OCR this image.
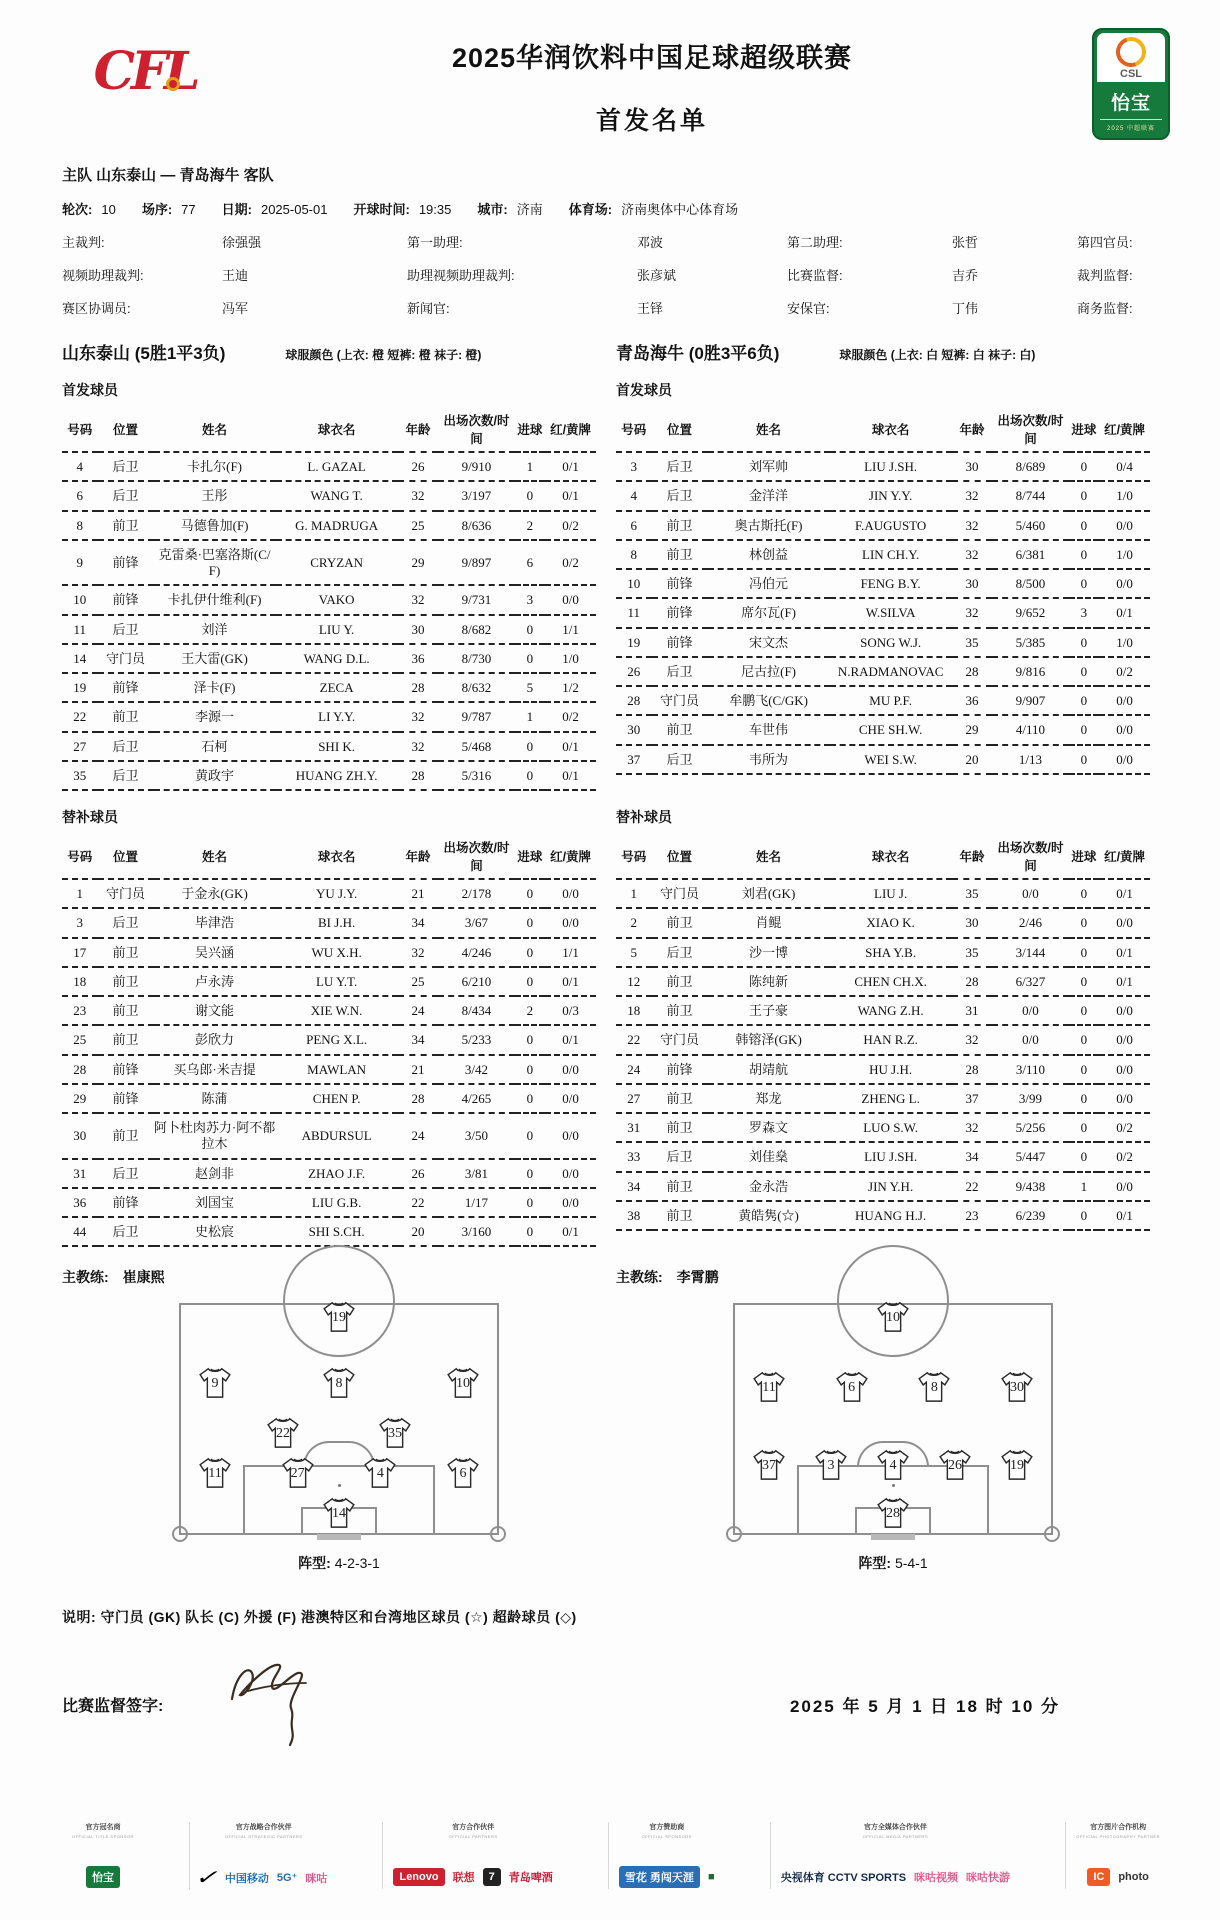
CFL	2025华润饮料中国足球超级联赛
首发名单
CSL
怡宝
2025 中超联赛
主队 山东泰山 — 青岛海牛 客队
轮次: 10 场序: 77 日期: 2025-05-01 开球时间: 19:35 城市: 济南 体育场: 济南奥体中心体育场
主裁判:	徐强强	第一助理:	邓波	第二助理:	张哲	第四官员:
视频助理裁判:	王迪	助理视频助理裁判:	张彦斌	比赛监督:	吉乔	裁判监督:
赛区协调员:	冯军	新闻官:	王铎	安保官:	丁伟	商务监督:
山东泰山 (5胜1平3负)	球服颜色 (上衣: 橙 短裤: 橙 袜子: 橙)	青岛海牛 (0胜3平6负)	球服颜色 (上衣: 白 短裤: 白 袜子: 白)
首发球员	首发球员
号码	位置	姓名	球衣名	年龄	出场次数/时间	进球	红/黄牌
4	后卫	卡扎尔(F)	L. GAZAL	26	9/910	1	0/1
6	后卫	王彤	WANG T.	32	3/197	0	0/1
8	前卫	马德鲁加(F)	G. MADRUGA	25	8/636	2	0/2
9	前锋	克雷桑·巴塞洛斯(C/F)	CRYZAN	29	9/897	6	0/2
10	前锋	卡扎伊什维利(F)	VAKO	32	9/731	3	0/0
11	后卫	刘洋	LIU Y.	30	8/682	0	1/1
14	守门员	王大雷(GK)	WANG D.L.	36	8/730	0	1/0
19	前锋	泽卡(F)	ZECA	28	8/632	5	1/2
22	前卫	李源一	LI Y.Y.	32	9/787	1	0/2
27	后卫	石柯	SHI K.	32	5/468	0	0/1
35	后卫	黄政宇	HUANG ZH.Y.	28	5/316	0	0/1
号码	位置	姓名	球衣名	年龄	出场次数/时间	进球	红/黄牌
3	后卫	刘军帅	LIU J.SH.	30	8/689	0	0/4
4	后卫	金洋洋	JIN Y.Y.	32	8/744	0	1/0
6	前卫	奥古斯托(F)	F.AUGUSTO	32	5/460	0	0/0
8	前卫	林创益	LIN CH.Y.	32	6/381	0	1/0
10	前锋	冯伯元	FENG B.Y.	30	8/500	0	0/0
11	前锋	席尔瓦(F)	W.SILVA	32	9/652	3	0/1
19	前锋	宋文杰	SONG W.J.	35	5/385	0	1/0
26	后卫	尼古拉(F)	N.RADMANOVAC	28	9/816	0	0/2
28	守门员	牟鹏飞(C/GK)	MU P.F.	36	9/907	0	0/0
30	前卫	车世伟	CHE SH.W.	29	4/110	0	0/0
37	后卫	韦所为	WEI S.W.	20	1/13	0	0/0
替补球员	替补球员
号码	位置	姓名	球衣名	年龄	出场次数/时间	进球	红/黄牌
1	守门员	于金永(GK)	YU J.Y.	21	2/178	0	0/0
3	后卫	毕津浩	BI J.H.	34	3/67	0	0/0
17	前卫	吴兴涵	WU X.H.	32	4/246	0	1/1
18	前卫	卢永涛	LU Y.T.	25	6/210	0	0/1
23	前卫	谢文能	XIE W.N.	24	8/434	2	0/3
25	前卫	彭欣力	PENG X.L.	34	5/233	0	0/1
28	前锋	买乌郎·米吉提	MAWLAN	21	3/42	0	0/0
29	前锋	陈蒲	CHEN P.	28	4/265	0	0/0
30	前卫	阿卜杜肉苏力·阿不都拉木	ABDURSUL	24	3/50	0	0/0
31	后卫	赵剑非	ZHAO J.F.	26	3/81	0	0/0
36	前锋	刘国宝	LIU G.B.	22	1/17	0	0/0
44	后卫	史松宸	SHI S.CH.	20	3/160	0	0/1
号码	位置	姓名	球衣名	年龄	出场次数/时间	进球	红/黄牌
1	守门员	刘君(GK)	LIU J.	35	0/0	0	0/1
2	前卫	肖鲲	XIAO K.	30	2/46	0	0/0
5	后卫	沙一博	SHA Y.B.	35	3/144	0	0/1
12	前卫	陈纯新	CHEN CH.X.	28	6/327	0	0/1
18	前卫	王子豪	WANG Z.H.	31	0/0	0	0/0
22	守门员	韩镕泽(GK)	HAN R.Z.	32	0/0	0	0/0
24	前锋	胡靖航	HU J.H.	28	3/110	0	0/0
27	前卫	郑龙	ZHENG L.	37	3/99	0	0/0
31	前卫	罗森文	LUO S.W.	32	5/256	0	0/2
33	后卫	刘佳燊	LIU J.SH.	34	5/447	0	0/2
34	前卫	金永浩	JIN Y.H.	22	9/438	1	0/0
38	前卫	黄皓隽(☆)	HUANG H.J.	23	6/239	0	0/1
主教练: 崔康熙	主教练: 李霄鹏
19
9	8	10
22	35
11	27	4	6
14
阵型: 4-2-3-1
10
11	6	8	30
37	3	4	26	19
28
阵型: 5-4-1
说明: 守门员 (GK) 队长 (C) 外援 (F) 港澳特区和台湾地区球员 (☆) 超龄球员 (◇)
比赛监督签字:	2025 年 5 月 1 日 18 时 10 分
官方冠名商
OFFICIAL TITLE SPONSOR
怡宝
官方战略合作伙伴
OFFICIAL STRATEGIC PARTNERS
✓ 中国移动 5G⁺ 咪咕
官方合作伙伴
OFFICIAL PARTNERS
Lenovo	联想	7	青岛啤酒
官方赞助商
OFFICIAL SPONSORS
雪花 勇闯天涯	■
官方全媒体合作伙伴
OFFICIAL MEDIA PARTNERS
央视体育 CCTV SPORTS 咪咕视频 咪咕快游
官方图片合作机构
OFFICIAL PHOTOGRAPHY PARTNER
IC	photo
